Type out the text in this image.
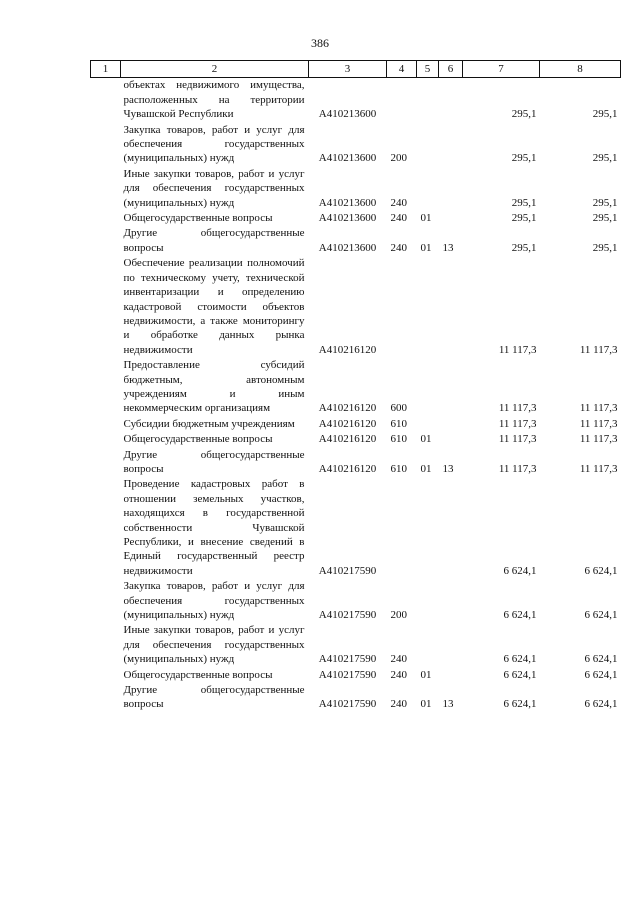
386
1	2	3	4	5	6	7	8
	объектах недвижимого имущества, расположенных на территории Чувашской Республики	А410213600				295,1	295,1
	Закупка товаров, работ и услуг для обеспечения государственных (муниципальных) нужд	А410213600	200			295,1	295,1
	Иные закупки товаров, работ и услуг для обеспечения государственных (муниципальных) нужд	А410213600	240			295,1	295,1
	Общегосударственные вопросы	А410213600	240	01		295,1	295,1
	Другие общегосударственные вопросы	А410213600	240	01	13	295,1	295,1
	Обеспечение реализации полномочий по техническому учету, технической инвентаризации и определению кадастровой стоимости объектов недвижимости, а также мониторингу и обработке данных рынка недвижимости	А410216120				11 117,3	11 117,3
	Предоставление субсидий бюджетным, автономным учреждениям и иным некоммерческим организациям	А410216120	600			11 117,3	11 117,3
	Субсидии бюджетным учреждениям	А410216120	610			11 117,3	11 117,3
	Общегосударственные вопросы	А410216120	610	01		11 117,3	11 117,3
	Другие общегосударственные вопросы	А410216120	610	01	13	11 117,3	11 117,3
	Проведение кадастровых работ в отношении земельных участков, находящихся в государственной собственности Чувашской Республики, и внесение сведений в Единый государственный реестр недвижимости	А410217590				6 624,1	6 624,1
	Закупка товаров, работ и услуг для обеспечения государственных (муниципальных) нужд	А410217590	200			6 624,1	6 624,1
	Иные закупки товаров, работ и услуг для обеспечения государственных (муниципальных) нужд	А410217590	240			6 624,1	6 624,1
	Общегосударственные вопросы	А410217590	240	01		6 624,1	6 624,1
	Другие общегосударственные вопросы	А410217590	240	01	13	6 624,1	6 624,1
